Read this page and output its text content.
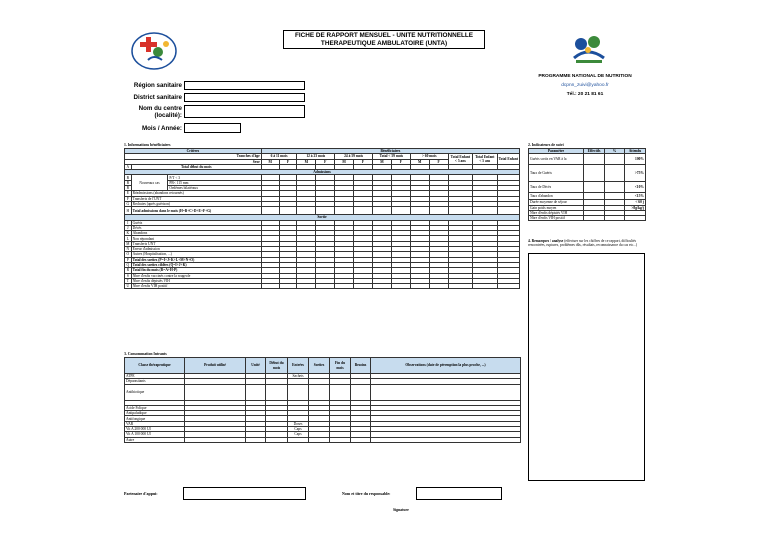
FICHE DE RAPPORT MENSUEL - UNITE NUTRITIONNELLE
THERAPEUTIQUE AMBULATOIRE (UNTA)
PROGRAMME NATIONAL DE NUTRITION
dcpnn_zuivi@yahoo.fr
Tél.: 20 21 81 61
Région sanitaire
District sanitaire
Nom du centre
(localité):
Mois / Année:
1. Informations bénéficiaires
Critères			Bénéficiaires												
Tranches d'âge			6 à 11 mois		12 à 23 mois		24 à 59 mois		Total < 59 mois		> 60 mois		Total Enfant < 5 ans	Total Enfant < 5 ans	Total Enfant
Sexe			M	F	M	F	M	F	M	F	M	F			
A	Total début du mois														
Admissions															
B	Nouveaux cas	P/T < 3													
B		PB< 115 mm													
B		Oedèmes bilatéraux													
E	Réadmissions (abandons retournés)														
F	Transferts de l'UNT														
G	Rechutes (après guérison)														
H	Total admissions dans le mois (H=B+C+D+E+F+G)														
Sortie															
I	Guéris														
J	Décès														
K	Abandons														
L	Non répondant														
M	Transferts UNT														
N	Erreur d'admission														
O	Autres (Hospitalisation, ...)														
P	Total des sorties (P=I+J+K+L+M+N+O)														
Q	Total des sorties ciblées (Q=I+J+K)														
R	Total fin du mois (R=A+H-P)														
S	Nbre d'enfts vaccinés contre la rougeole														
T	Nbre d'enfts dépistés VIH														
U	Nbre d'enfts VIH positif														
2. Indicateurs de suivi
Paramètre	Effectifs	%	Attendu
Guéris sortis en VAR à la			100%
Taux de Guéris			>75%
Taux de Décès			<10%
Taux d'abandon			<15%
Durée moyenne de séjour			< 60 j
Gain poids moyen			>8g/kg/j
Nbre d'enfts dépistés VIH			
Nbre d'enfts VIH positif			
4. Remarques / analyse (effectuer sur les chiffres de ce rapport, difficultés rencontrées, ruptures, problèmes dûs, résultats, reconnaissance du cas etc...)
3. Consommation Intrants
Classe thérapeutique	Produit utilisé	Unité	Début du mois	Entrées	Sorties	Fin du mois	Besoins	Observations (date de péremption la plus proche, ...)
ATPE				Sachets				
Déparasitants								
Antibiotique								

Acide Folique								
Antipaludique								
Antifongique								
VAR				Doses				
Vit A 200 000 UI				Caps				
Vit A 100 000 UI				Caps				
Autre								
Partenaire d'appui:	Nom et titre du responsable:
Signature
